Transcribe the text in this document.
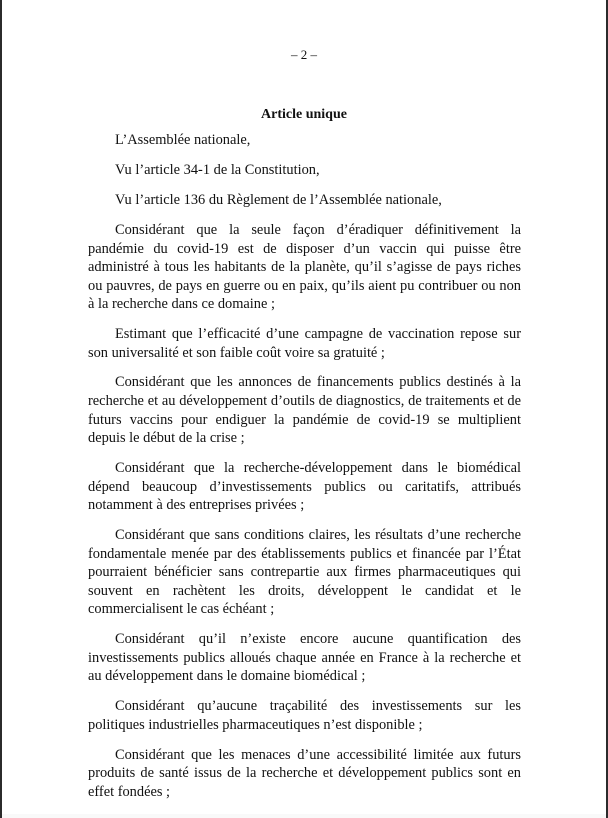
– 2 –
Article unique

L’Assemblée nationale,

Vu l’article 34-1 de la Constitution,

Vu l’article 136 du Règlement de l’Assemblée nationale,

Considérant que la seule façon d’éradiquer définitivement la pandémie du covid-19 est de disposer d’un vaccin qui puisse être administré à tous les habitants de la planète, qu’il s’agisse de pays riches ou pauvres, de pays en guerre ou en paix, qu’ils aient pu contribuer ou non à la recherche dans ce domaine ;

Estimant que l’efficacité d’une campagne de vaccination repose sur son universalité et son faible coût voire sa gratuité ;

Considérant que les annonces de financements publics destinés à la recherche et au développement d’outils de diagnostics, de traitements et de futurs vaccins pour endiguer la pandémie de covid-19 se multiplient depuis le début de la crise ;

Considérant que la recherche-développement dans le biomédical dépend beaucoup d’investissements publics ou caritatifs, attribués notamment à des entreprises privées ;

Considérant que sans conditions claires, les résultats d’une recherche fondamentale menée par des établissements publics et financée par l’État pourraient bénéficier sans contrepartie aux firmes pharmaceutiques qui souvent en rachètent les droits, développent le candidat et le commercialisent le cas échéant ;

Considérant qu’il n’existe encore aucune quantification des investissements publics alloués chaque année en France à la recherche et au développement dans le domaine biomédical ;

Considérant qu’aucune traçabilité des investissements sur les politiques industrielles pharmaceutiques n’est disponible ;

Considérant que les menaces d’une accessibilité limitée aux futurs produits de santé issus de la recherche et développement publics sont en effet fondées ;
